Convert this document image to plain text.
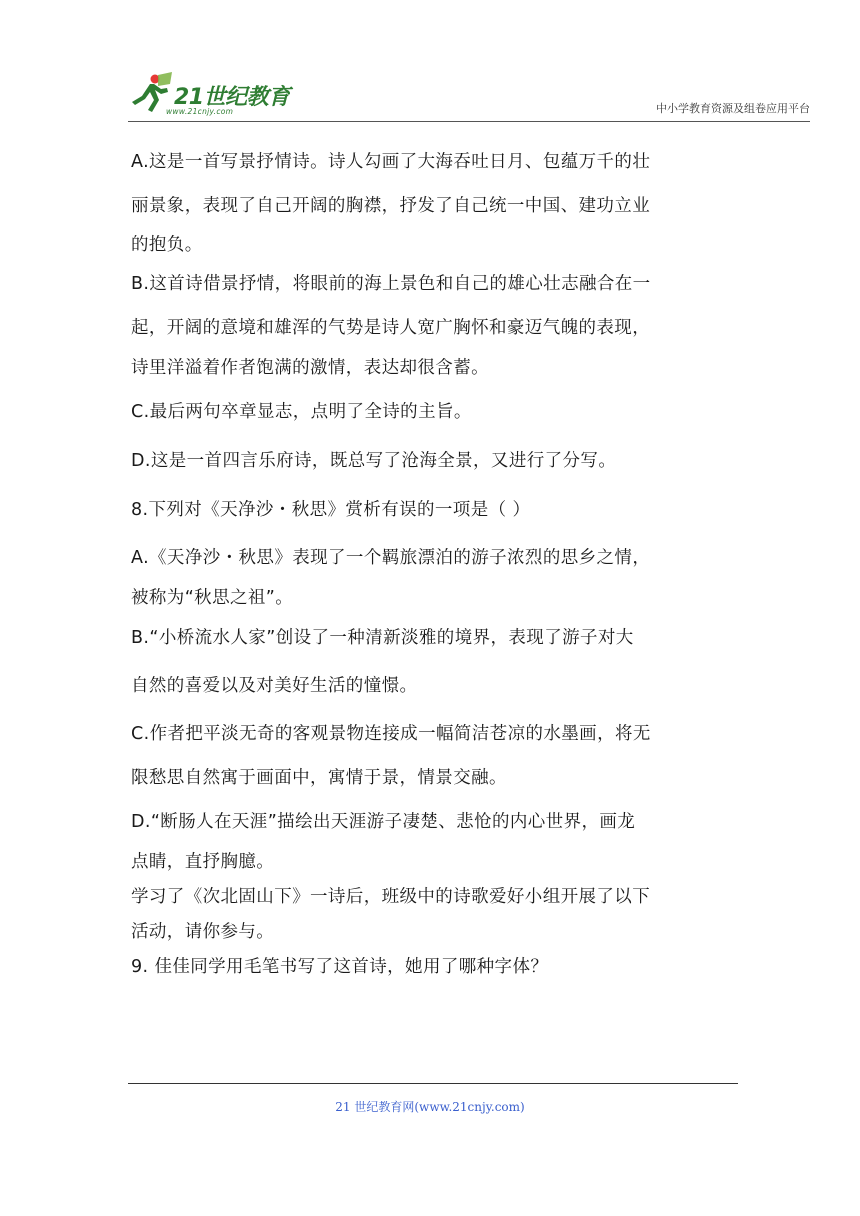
21世纪教育
www.21cnjy.com	中小学教育资源及组卷应用平台
A.这是一首写景抒情诗。诗人勾画了大海吞吐日月、包蕴万千的壮
丽景象，表现了自己开阔的胸襟，抒发了自己统一中国、建功立业
的抱负。
B.这首诗借景抒情，将眼前的海上景色和自己的雄心壮志融合在一
起，开阔的意境和雄浑的气势是诗人宽广胸怀和豪迈气魄的表现，
诗里洋溢着作者饱满的激情，表达却很含蓄。
C.最后两句卒章显志，点明了全诗的主旨。
D.这是一首四言乐府诗，既总写了沧海全景，又进行了分写。
8.下列对《天净沙・秋思》赏析有误的一项是（ ）
A.《天净沙・秋思》表现了一个羁旅漂泊的游子浓烈的思乡之情，
被称为“秋思之祖”。
B.“小桥流水人家”创设了一种清新淡雅的境界，表现了游子对大
自然的喜爱以及对美好生活的憧憬。
C.作者把平淡无奇的客观景物连接成一幅简洁苍凉的水墨画，将无
限愁思自然寓于画面中，寓情于景，情景交融。
D.“断肠人在天涯”描绘出天涯游子凄楚、悲怆的内心世界，画龙
点睛，直抒胸臆。
学习了《次北固山下》一诗后，班级中的诗歌爱好小组开展了以下
活动，请你参与。
9. 佳佳同学用毛笔书写了这首诗，她用了哪种字体？
21 世纪教育网(www.21cnjy.com)
